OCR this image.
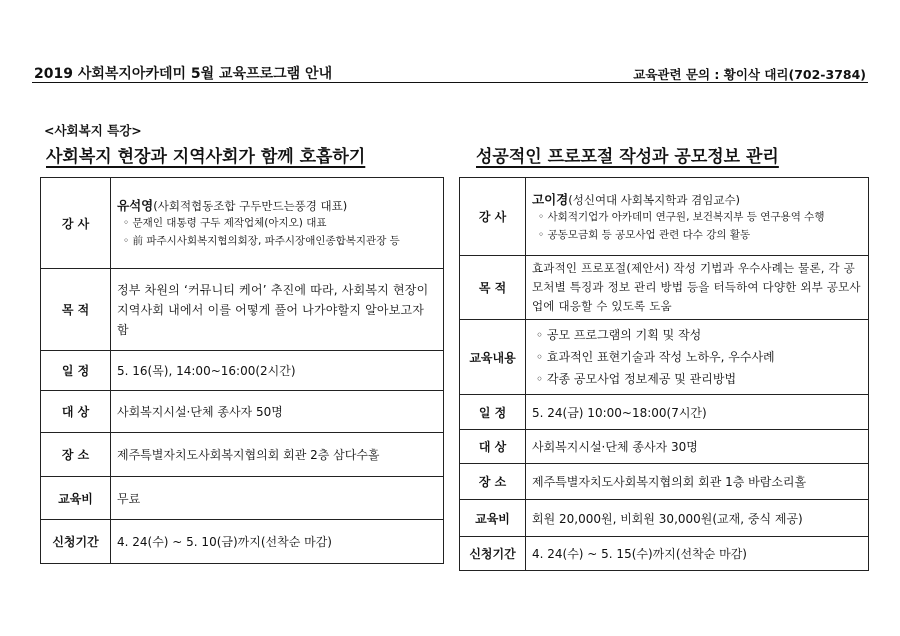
2019 사회복지아카데미 5월 교육프로그램 안내	교육관련 문의 : 황이삭 대리(702-3784)
<사회복지 특강>
사회복지 현장과 지역사회가 함께 호흡하기	성공적인 프로포절 작성과 공모정보 관리
강 사	유석영(사회적협동조합 구두만드는풍경 대표)
◦ 문재인 대통령 구두 제작업체(아지오) 대표
◦ 前 파주시사회복지협의회장, 파주시장애인종합복지관장 등

목 적	정부 차원의 ‘커뮤니티 케어’ 추진에 따라, 사회복지 현장이 지역사회 내에서 이를 어떻게 풀어 나가야할지 알아보고자 함
일 정	5. 16(목), 14:00~16:00(2시간)
대 상	사회복지시설·단체 종사자 50명
장 소	제주특별자치도사회복지협의회 회관 2층 삼다수홀
교육비	무료
신청기간	4. 24(수) ~ 5. 10(금)까지(선착순 마감)
강 사	고이경(성신여대 사회복지학과 겸임교수)
◦ 사회적기업가 아카데미 연구원, 보건복지부 등 연구용역 수행
◦ 공동모금회 등 공모사업 관련 다수 강의 활동

목 적	효과적인 프로포절(제안서) 작성 기법과 우수사례는 물론, 각 공모처별 특징과 정보 관리 방법 등을 터득하여 다양한 외부 공모사업에 대응할 수 있도록 도움
교육내용	◦ 공모 프로그램의 기획 및 작성
◦ 효과적인 표현기술과 작성 노하우, 우수사례
◦ 각종 공모사업 정보제공 및 관리방법

일 정	5. 24(금) 10:00~18:00(7시간)
대 상	사회복지시설·단체 종사자 30명
장 소	제주특별자치도사회복지협의회 회관 1층 바람소리홀
교육비	회원 20,000원, 비회원 30,000원(교재, 중식 제공)
신청기간	4. 24(수) ~ 5. 15(수)까지(선착순 마감)
